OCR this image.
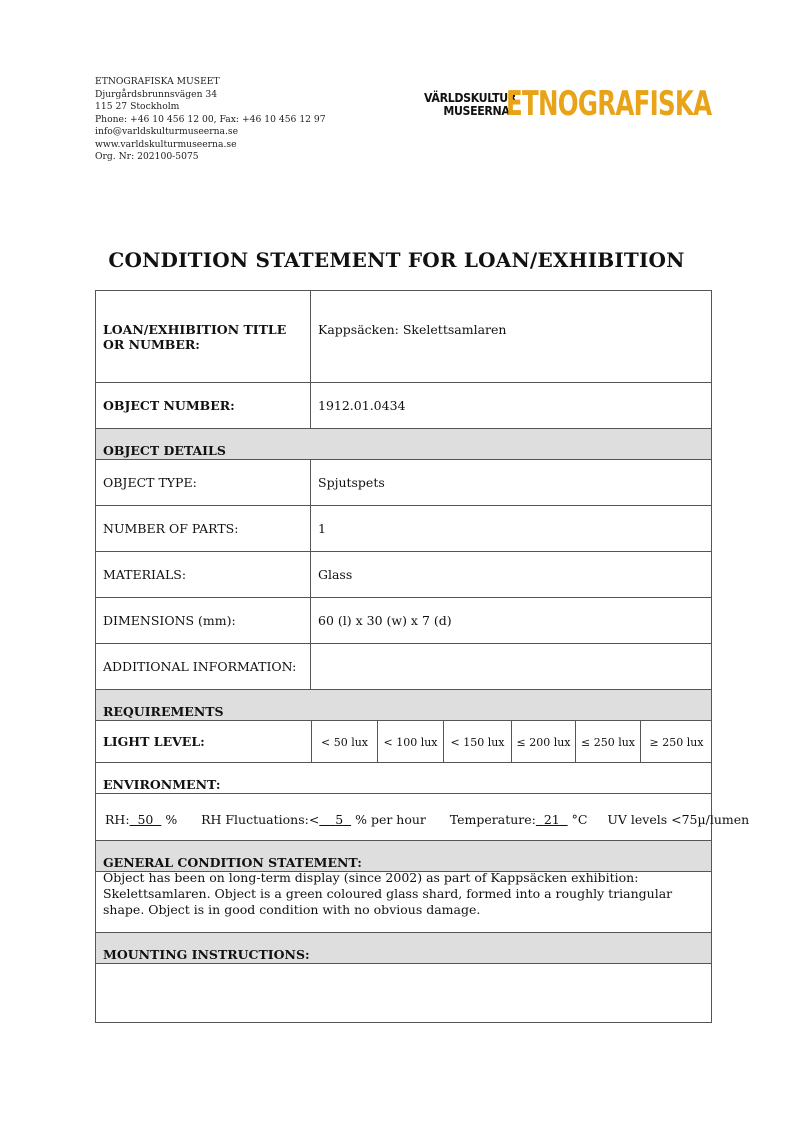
ETNOGRAFISKA MUSEET
Djurgårdsbrunnsvägen 34
115 27 Stockholm
Phone: +46 10 456 12 00, Fax: +46 10 456 12 97
info@varldskulturmuseerna.se
www.varldskulturmuseerna.se
Org. Nr: 202100-5075
VÄRLDSKULTUR
MUSEERNA
ETNOGRAFISKA
CONDITION STATEMENT FOR LOAN/EXHIBITION
LOAN/EXHIBITION TITLE OR NUMBER:
Kappsäcken: Skelettsamlaren
OBJECT NUMBER:	1912.01.0434
OBJECT DETAILS
OBJECT TYPE:	Spjutspets
NUMBER OF PARTS:	1
MATERIALS:	Glass
DIMENSIONS (mm):	60 (l) x 30 (w) x 7 (d)
ADDITIONAL INFORMATION:
REQUIREMENTS
LIGHT LEVEL:	< 50 lux	< 100 lux	< 150 lux	≤ 200 lux ≤ 250 lux	≥ 250 lux
ENVIRONMENT:
RH: 50 % RH Fluctuations:< 5 % per hour Temperature: 21 °C UV levels <75µ/lumen
GENERAL CONDITION STATEMENT:
Object has been on long-term display (since 2002) as part of Kappsäcken exhibition: Skelettsamlaren. Object is a green coloured glass shard, formed into a roughly triangular shape. Object is in good condition with no obvious damage.
MOUNTING INSTRUCTIONS:
